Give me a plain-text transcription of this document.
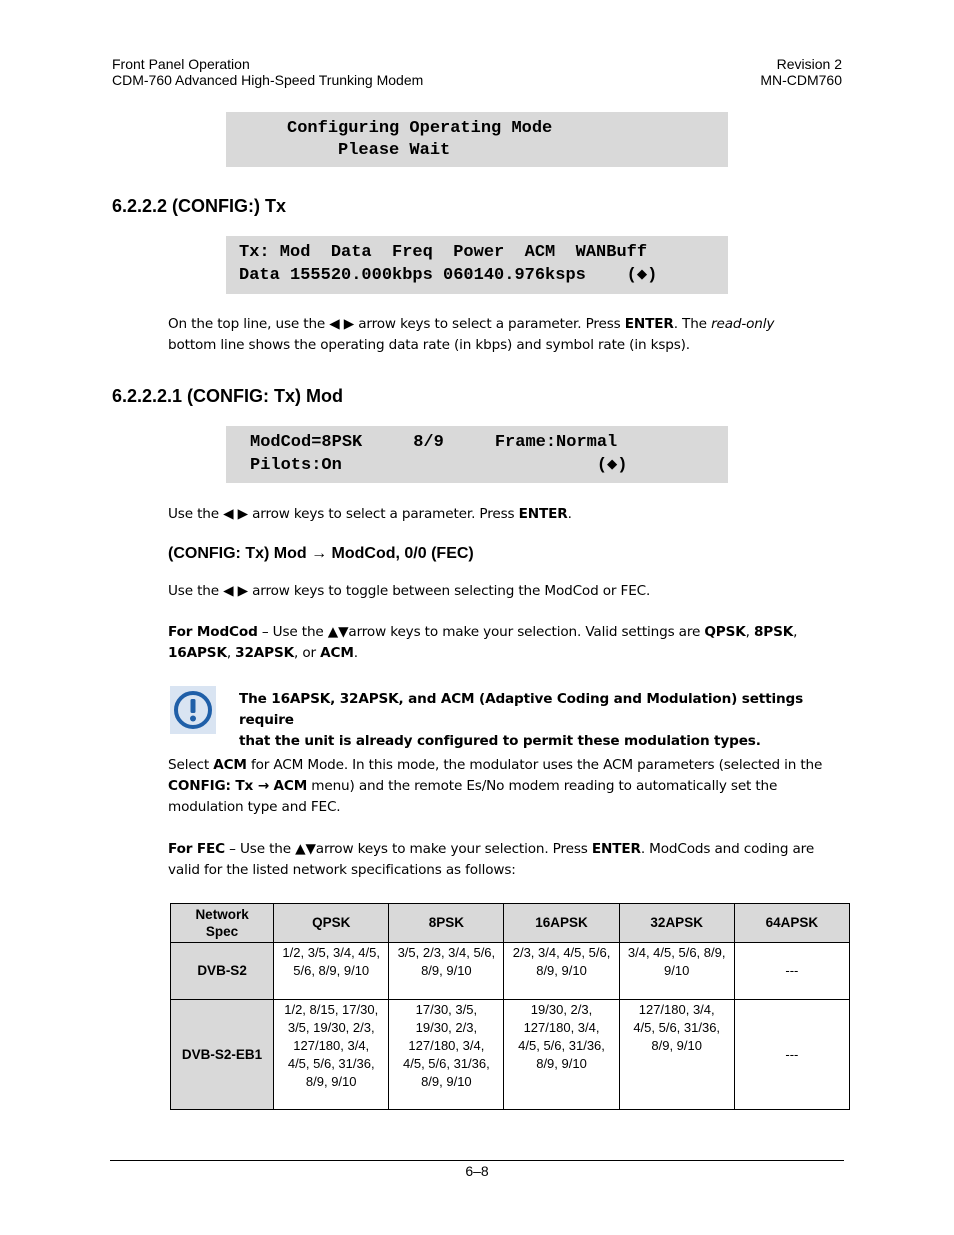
Front Panel Operation
CDM-760 Advanced High-Speed Trunking Modem
Revision 2
MN-CDM760
Configuring Operating Mode
Please Wait
6.2.2.2 (CONFIG:) Tx
Tx: Mod  Data  Freq  Power  ACM  WANBuff
Data 155520.000kbps 060140.976ksps    (◆)
On the top line, use the ◀ ▶ arrow keys to select a parameter. Press ENTER. The read-only
bottom line shows the operating data rate (in kbps) and symbol rate (in ksps).
6.2.2.2.1 (CONFIG: Tx) Mod
ModCod=8PSK     8/9     Frame:Normal
Pilots:On                         (◆)
Use the ◀ ▶ arrow keys to select a parameter. Press ENTER.
(CONFIG: Tx) Mod → ModCod, 0/0 (FEC)
Use the ◀ ▶ arrow keys to toggle between selecting the ModCod or FEC.
For ModCod – Use the ▲▼arrow keys to make your selection. Valid settings are QPSK, 8PSK,
16APSK, 32APSK, or ACM.
The 16APSK, 32APSK, and ACM (Adaptive Coding and Modulation) settings require
that the unit is already configured to permit these modulation types.
Select ACM for ACM Mode. In this mode, the modulator uses the ACM parameters (selected in the
CONFIG: Tx → ACM menu) and the remote Es/No modem reading to automatically set the
modulation type and FEC.
For FEC – Use the ▲▼arrow keys to make your selection. Press ENTER. ModCods and coding are
valid for the listed network specifications as follows:
Network
Spec	QPSK	8PSK	16APSK	32APSK	64APSK
DVB-S2	1/2, 3/5, 3/4, 4/5,
5/6, 8/9, 9/10	3/5, 2/3, 3/4, 5/6,
8/9, 9/10	2/3, 3/4, 4/5, 5/6,
8/9, 9/10	3/4, 4/5, 5/6, 8/9,
9/10	---
DVB-S2-EB1	1/2, 8/15, 17/30,
3/5, 19/30, 2/3,
127/180, 3/4,
4/5, 5/6, 31/36,
8/9, 9/10	17/30, 3/5,
19/30, 2/3,
127/180, 3/4,
4/5, 5/6, 31/36,
8/9, 9/10	19/30, 2/3,
127/180, 3/4,
4/5, 5/6, 31/36,
8/9, 9/10	127/180, 3/4,
4/5, 5/6, 31/36,
8/9, 9/10	---
6–8
